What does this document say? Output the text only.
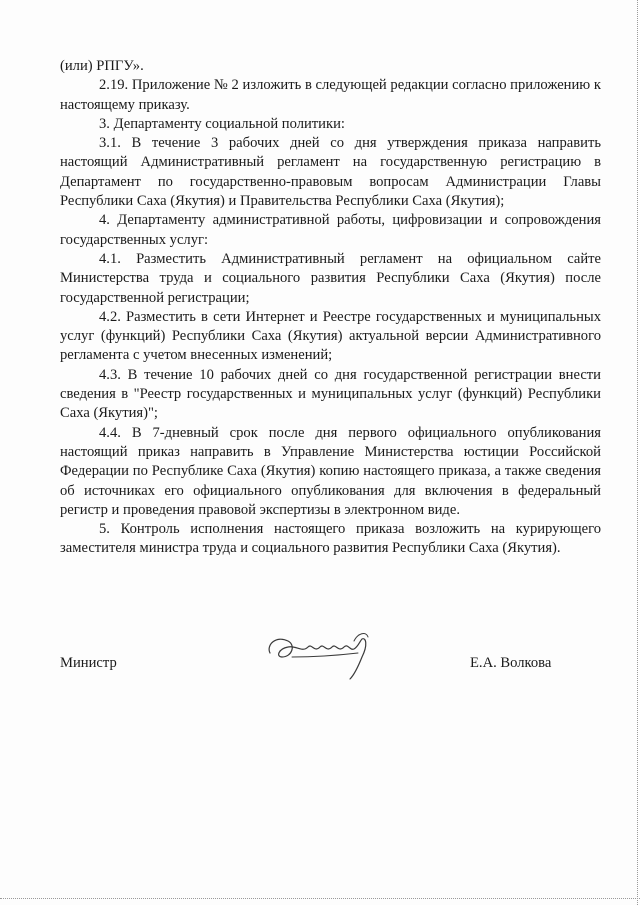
(или) РПГУ».

2.19. Приложение № 2 изложить в следующей редакции согласно приложению к настоящему приказу.

3. Департаменту социальной политики:

3.1. В течение 3 рабочих дней со дня утверждения приказа направить настоящий Административный регламент на государственную регистрацию в Департамент по государственно-правовым вопросам Администрации Главы Республики Саха (Якутия) и Правительства Республики Саха (Якутия);

4. Департаменту административной работы, цифровизации и сопровождения государственных услуг:

4.1. Разместить Административный регламент на официальном сайте Министерства труда и социального развития Республики Саха (Якутия) после государственной регистрации;

4.2. Разместить в сети Интернет и Реестре государственных и муниципальных услуг (функций) Республики Саха (Якутия) актуальной версии Административного регламента с учетом внесенных изменений;

4.3. В течение 10 рабочих дней со дня государственной регистрации внести сведения в "Реестр государственных и муниципальных услуг (функций) Республики Саха (Якутия)";

4.4. В 7-дневный срок после дня первого официального опубликования настоящий приказ направить в Управление Министерства юстиции Российской Федерации по Республике Саха (Якутия) копию настоящего приказа, а также сведения об источниках его официального опубликования для включения в федеральный регистр и проведения правовой экспертизы в электронном виде.

5. Контроль исполнения настоящего приказа возложить на курирующего заместителя министра труда и социального развития Республики Саха (Якутия).

Министр	Е.А. Волкова
